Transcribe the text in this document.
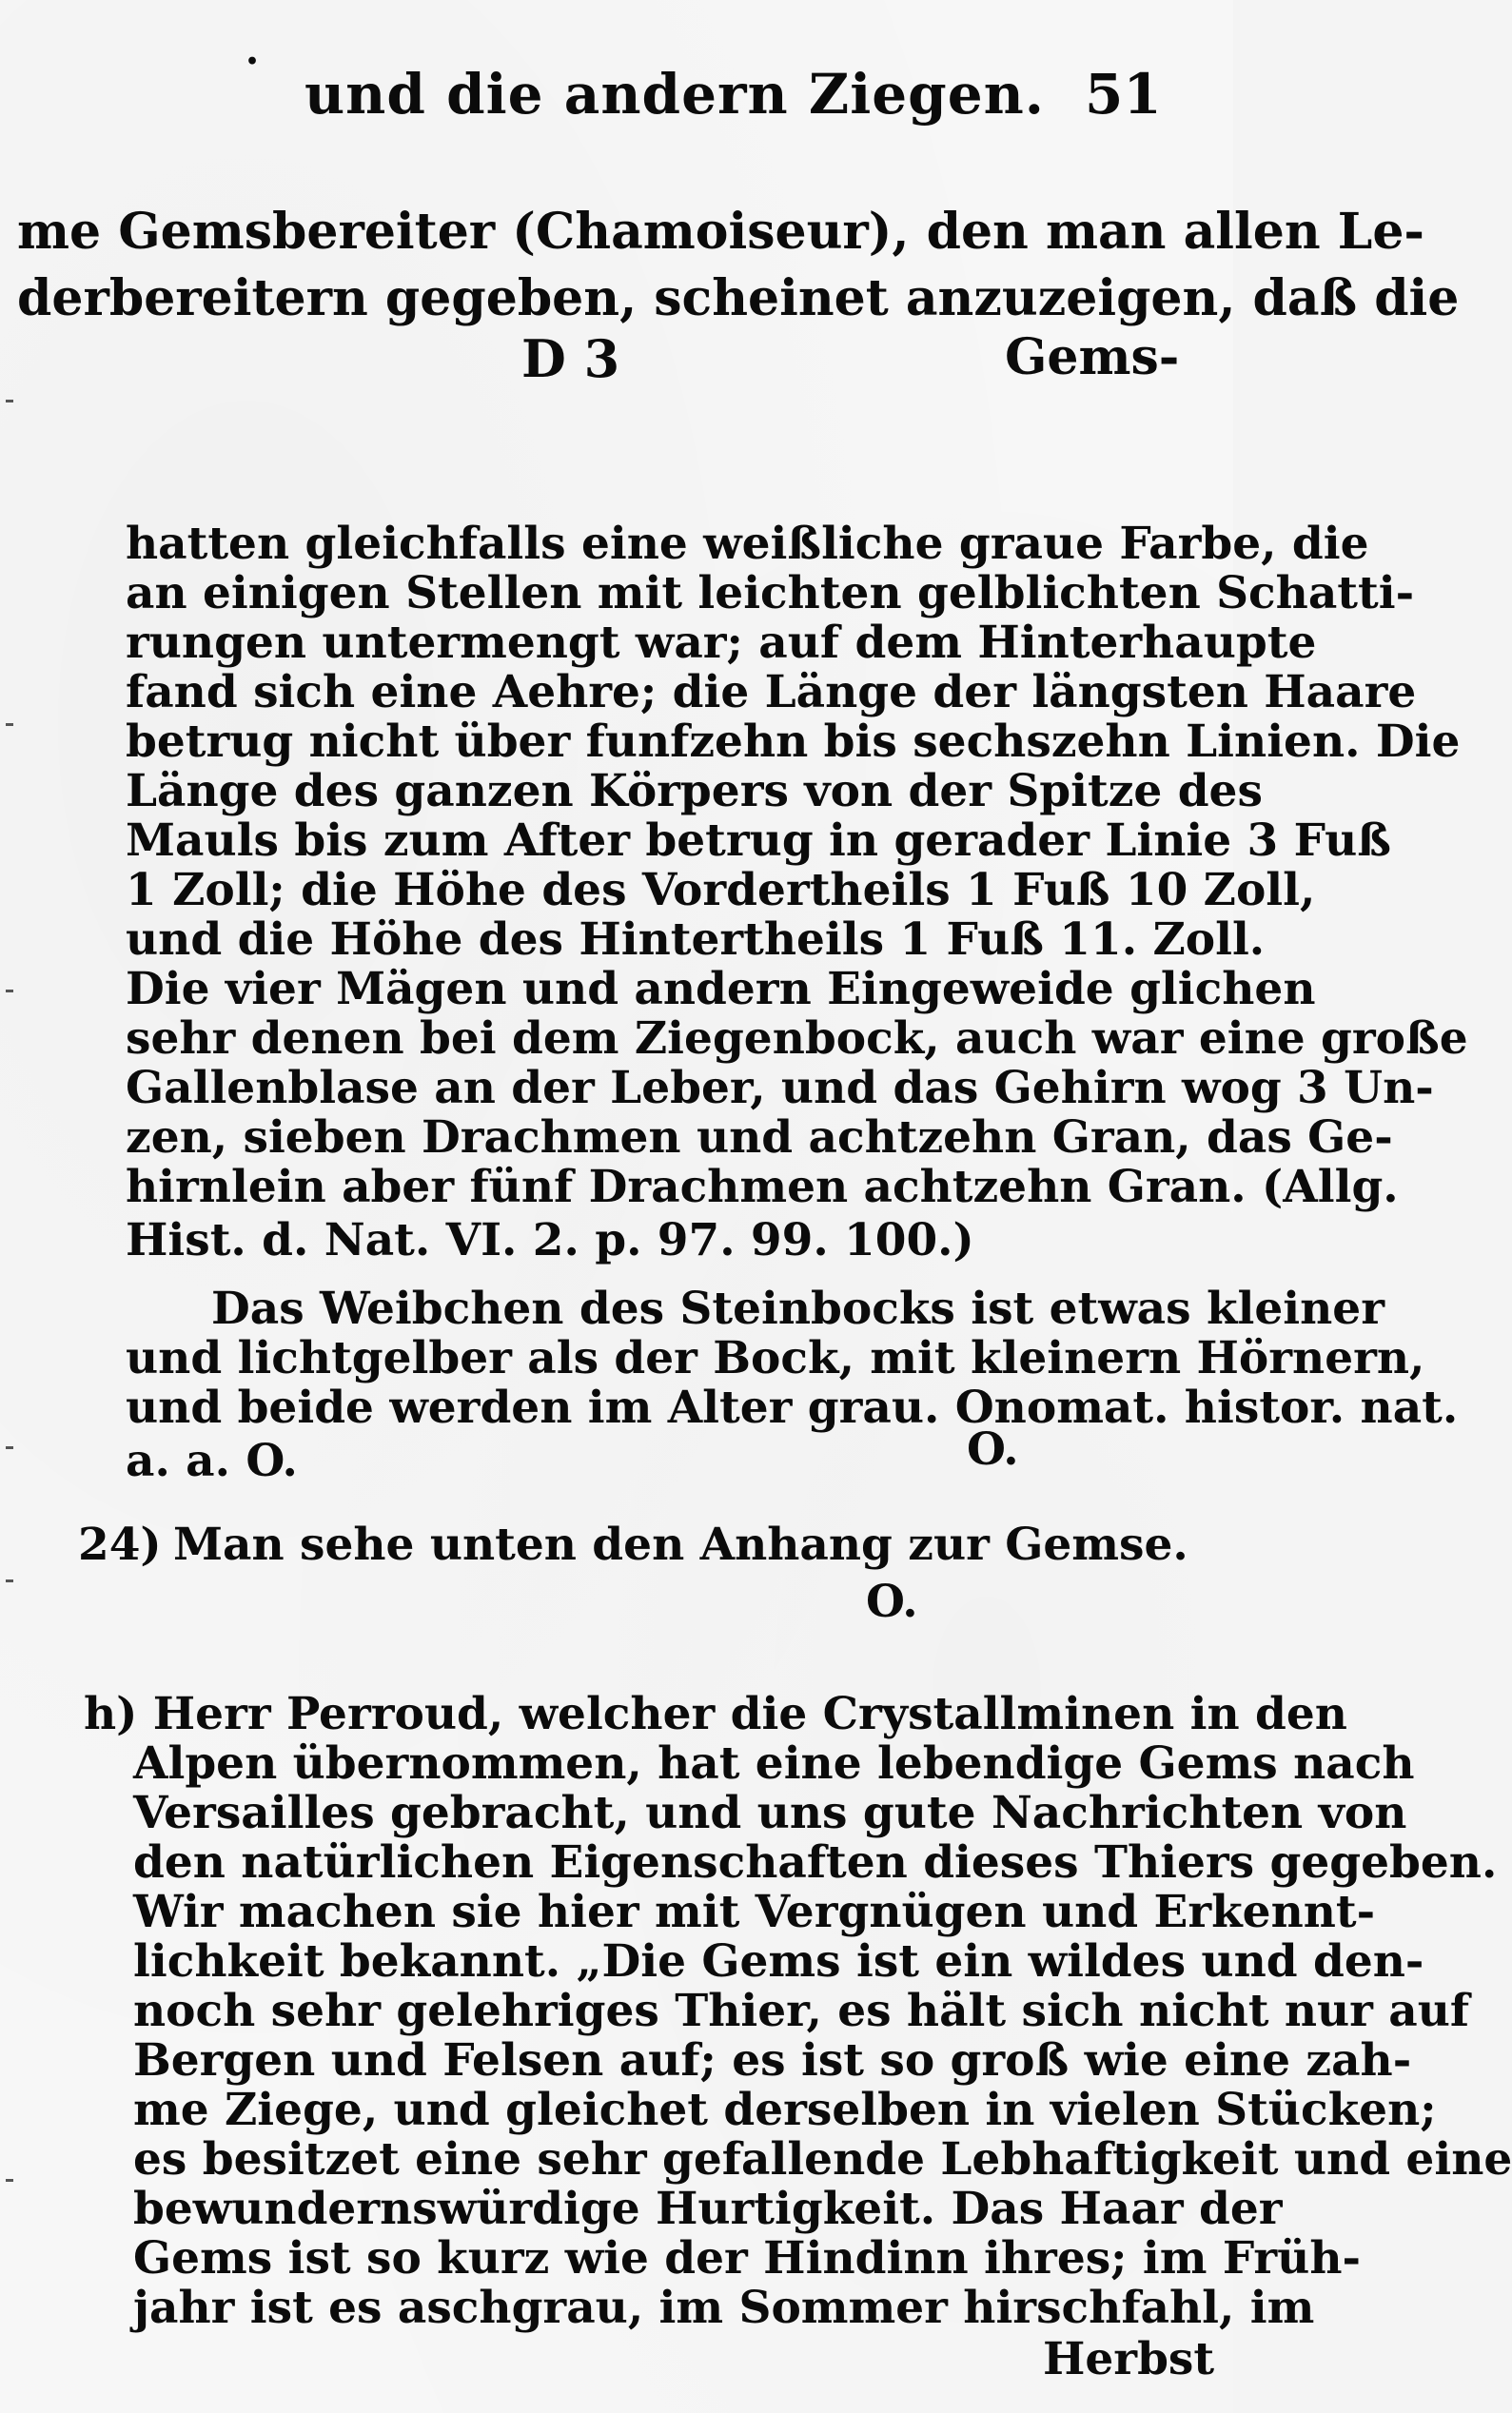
• und die andern Ziegen. 51
me Gemsbereiter (Chamoiseur), den man allen Le-
derbereitern gegeben, scheinet anzuzeigen, daß die
D 3	Gems-
hatten gleichfalls eine weißliche graue Farbe, die
an einigen Stellen mit leichten gelblichten Schatti-
rungen untermengt war; auf dem Hinterhaupte
fand sich eine Aehre; die Länge der längsten Haare
betrug nicht über funfzehn bis sechszehn Linien. Die
Länge des ganzen Körpers von der Spitze des
Mauls bis zum After betrug in gerader Linie 3 Fuß
1 Zoll; die Höhe des Vordertheils 1 Fuß 10 Zoll,
und die Höhe des Hintertheils 1 Fuß 11. Zoll.
Die vier Mägen und andern Eingeweide glichen
sehr denen bei dem Ziegenbock, auch war eine große
Gallenblase an der Leber, und das Gehirn wog 3 Un-
zen, sieben Drachmen und achtzehn Gran, das Ge-
hirnlein aber fünf Drachmen achtzehn Gran. (Allg.
Hist. d. Nat. VI. 2. p. 97. 99. 100.)
Das Weibchen des Steinbocks ist etwas kleiner
und lichtgelber als der Bock, mit kleinern Hörnern,
und beide werden im Alter grau. Onomat. histor. nat.
a. a. O.	O.
24) Man sehe unten den Anhang zur Gemse.
O.
h) Herr Perroud, welcher die Crystallminen in den
Alpen übernommen, hat eine lebendige Gems nach
Versailles gebracht, und uns gute Nachrichten von
den natürlichen Eigenschaften dieses Thiers gegeben.
Wir machen sie hier mit Vergnügen und Erkennt-
lichkeit bekannt. „Die Gems ist ein wildes und den-
noch sehr gelehriges Thier, es hält sich nicht nur auf
Bergen und Felsen auf; es ist so groß wie eine zah-
me Ziege, und gleichet derselben in vielen Stücken;
es besitzet eine sehr gefallende Lebhaftigkeit und eine
bewundernswürdige Hurtigkeit. Das Haar der
Gems ist so kurz wie der Hindinn ihres; im Früh-
jahr ist es aschgrau, im Sommer hirschfahl, im
Herbst
